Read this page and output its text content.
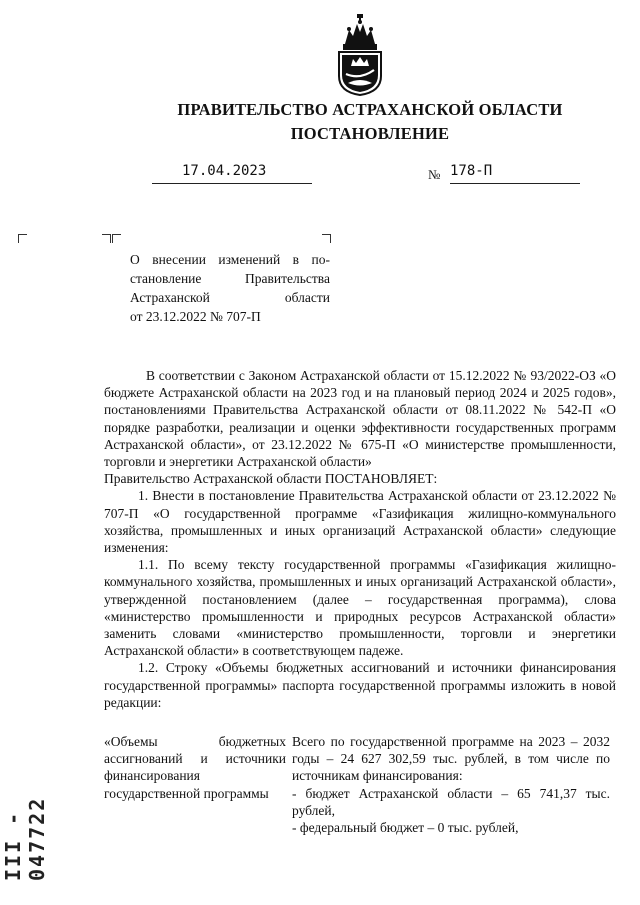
ПРАВИТЕЛЬСТВО АСТРАХАНСКОЙ ОБЛАСТИ
ПОСТАНОВЛЕНИЕ
17.04.2023	№ 178-П
О внесении изменений в по-
становление Правительства
Астраханской области
от 23.12.2022 № 707-П

В соответствии с Законом Астраханской области от 15.12.2022 № 93/2022-ОЗ «О бюджете Астраханской области на 2023 год и на плановый период 2024 и 2025 годов», постановлениями Правительства Астраханской области от 08.11.2022 № 542-П «О порядке разработки, реализации и оценки эффективности государственных программ Астраханской области», от 23.12.2022 № 675-П «О министерстве промышленности, торговли и энергетики Астраханской области»

Правительство Астраханской области ПОСТАНОВЛЯЕТ:

1. Внести в постановление Правительства Астраханской области от 23.12.2022 № 707-П «О государственной программе «Газификация жилищно-коммунального хозяйства, промышленных и иных организаций Астраханской области» следующие изменения:

1.1. По всему тексту государственной программы «Газификация жилищно-коммунального хозяйства, промышленных и иных организаций Астраханской области», утвержденной постановлением (далее – государственная программа), слова «министерство промышленности и природных ресурсов Астраханской области» заменить словами «министерство промышленности, торговли и энергетики Астраханской области» в соответствующем падеже.

1.2. Строку «Объемы бюджетных ассигнований и источники финансирования государственной программы» паспорта государственной программы изложить в новой редакции:

«Объемы бюджетных ассигнований и источники финансирования государственной программы

Всего по государственной программе на 2023 – 2032 годы – 24 627 302,59 тыс. рублей, в том числе по источникам финансирования:

- бюджет Астраханской области – 65 741,37 тыс. рублей,

- федеральный бюджет – 0 тыс. рублей,

ІІІ - 047722
